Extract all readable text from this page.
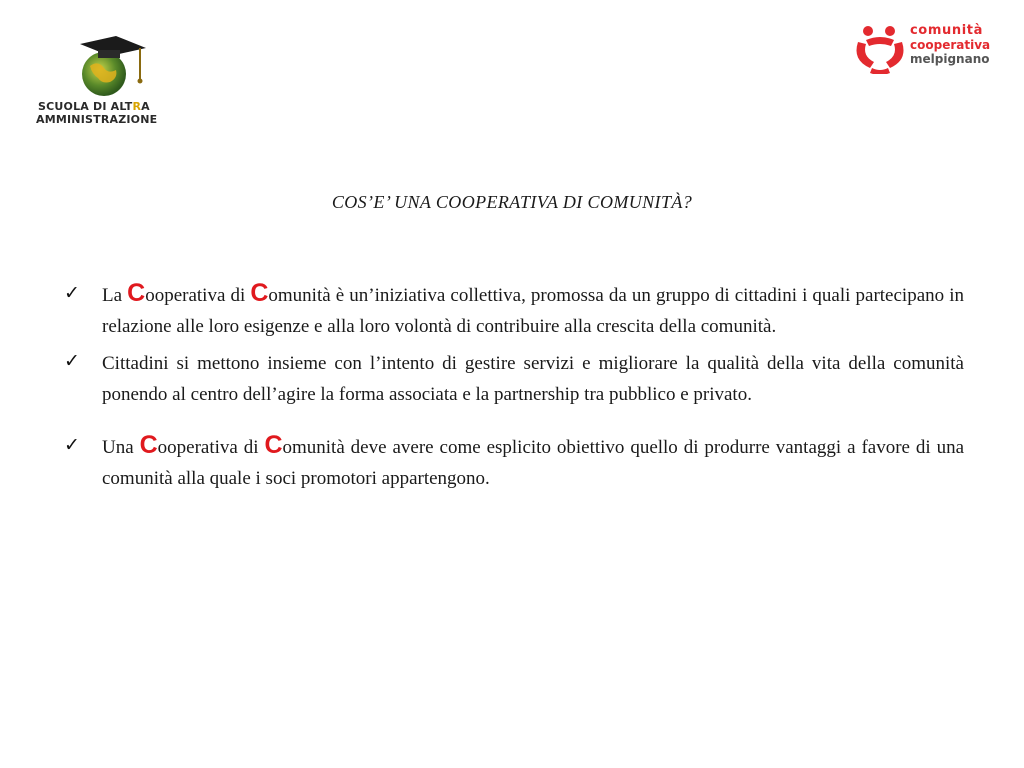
SCUOLA DI ALTRA
AMMINISTRAZIONE
comunità
cooperativa
melpignano
COS’E’ UNA COOPERATIVA DI COMUNITÀ?
✓ La Cooperativa di Comunità è un’iniziativa collettiva, promossa da un gruppo di cittadini i quali partecipano in relazione alle loro esigenze e alla loro volontà di contribuire alla crescita della comunità.
✓ Cittadini si mettono insieme con l’intento di gestire servizi e migliorare la qualità della vita della comunità ponendo al centro dell’agire la forma associata e la partnership tra pubblico e privato.
✓ Una Cooperativa di Comunità deve avere come esplicito obiettivo quello di produrre vantaggi a favore di una comunità alla quale i soci promotori appartengono.
